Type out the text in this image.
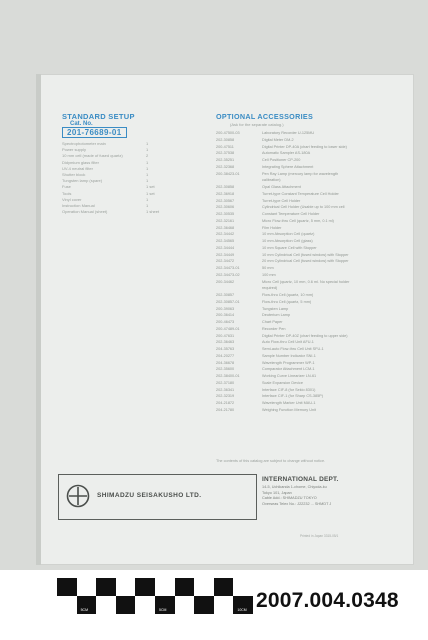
STANDARD SETUP
Cat. No.
201-76689-01
Spectrophotometer main	1
Power supply	1
10 mm cell (made of fused quartz)	2
Didymium glass filter	1
UV-4 neutral filter	1
Shutter block	1
Tungsten lamp (spare)	1
Fuse	1 set
Tools	1 set
Vinyl cover	1
Instruction Manual	1
Operation Manual (sheet)	1 sheet
OPTIONAL ACCESSORIES
(Ask for the separate catalog.)
200-47500-03	Laboratory Recorder U-125MU
202-30858	Digital Meter DM-2
200-47511	Digital Printer DP-40A (chart feeding to lower side)
202-37538	Automatic Sampler AS-180A
202-35251	Cell Positioner CP-200
202-32368	Integrating Sphere Attachment
200-38423-01	Pen Ray Lamp (mercury lamp for wavelength
calibration)
202-30858	Opal Glass Attachment
202-36918	Turret-type Constant Temperature Cell Holder
202-30567	Turret-type Cell Holder
202-30606	Cylindrical Cell Holder (Usable up to 100 mm cell
202-30535	Constant Temperature Cell Holder
202-32161	Micro Flow-thru Cell (quartz, 5 mm, 0.1 ml)
202-36468	Film Holder
202-34442	10 mm Absorption Cell (quartz)
202-34565	10 mm Absorption Cell (glass)
202-34444	10 mm Square Cell with Stopper
202-34449	10 mm Cylindrical Cell (fused window) with Stopper
202-34472	20 mm Cylindrical Cell (fused window) with Stopper
202-34473-01	50 mm
202-34473-02	100 mm
200-34462	Micro Cell (quartz, 10 mm, 0.6 ml. No special holder
required)
202-30857	Flow-thru Cell (quartz, 10 mm)
202-30857-01	Flow-thru Cell (quartz, 5 mm)
200-39063	Tungsten Lamp
200-36414	Deuterium Lamp
200-46473	Chart Paper
200-47489-01	Recorder Pen
200-47631	Digital Printer DP-40Z (chart feeding to upper side)
202-36463	Auto Flow-thru Cell Unit AFU-1
204-35763	Semi-auto Flow-thru Cell Unit SFU-1
204-20277	Sample Number Indicator SNI-1
204-36678	Wavelength Programmer WP-1
202-35600	Comparator Attachment LCM-1
202-38400-01	Working Curve Linearizer LN-61
202-37180	Scale Expansion Device
202-36341	Interface CIF-8 (for Sekio 8301)
202-32319	Interface CIF-1 (for Sharp CS-385P)
204-21872	Wavelength Marker Unit MAU-1
204-21780	Weighing Function Memory Unit
The contents of this catalog are subject to change without notice.
SHIMADZU SEISAKUSHO LTD.
INTERNATIONAL DEPT.
14-5, Uchikanda 1-chome, Chiyoda-ku
Tokyo 101, Japan
Cable Add.: SHIMADZU TOKYO
Overseas Telex No.: J22232 ... SHMDT J
Printed in Japan 3315-05/1
5CM	5CM	10CM 2007.004.0348
